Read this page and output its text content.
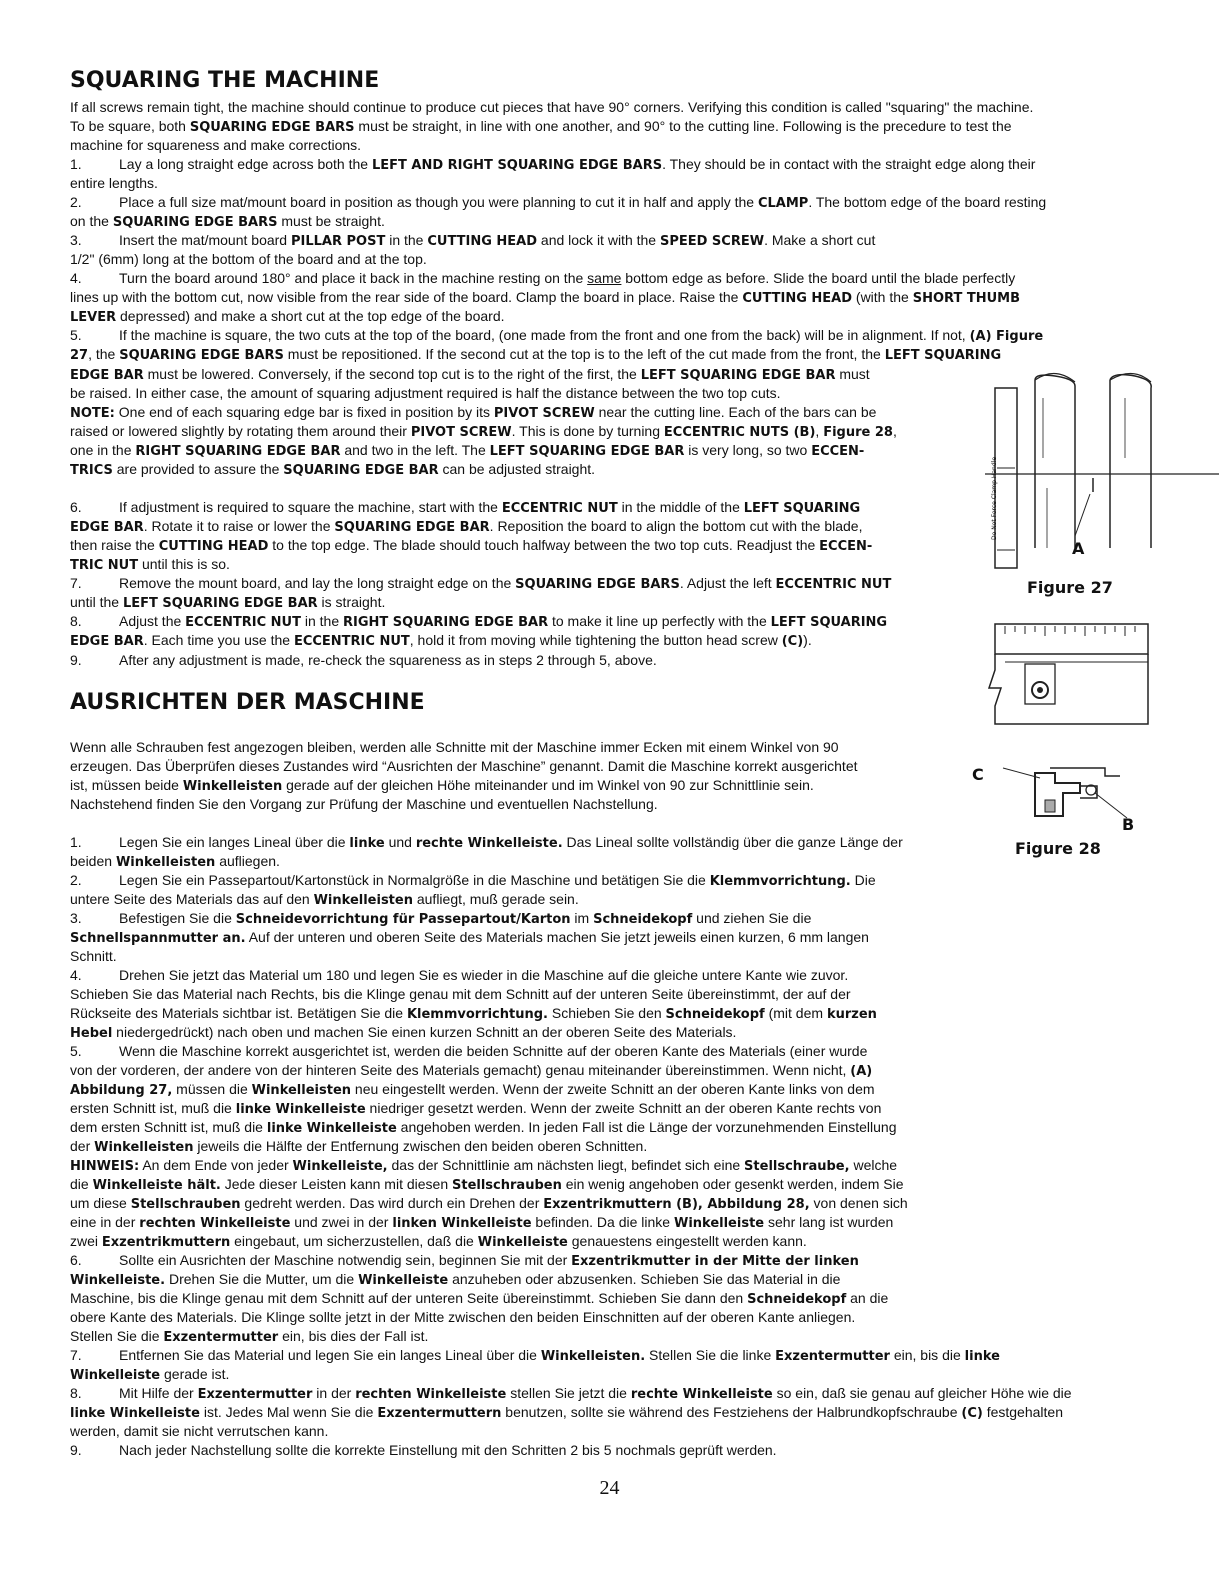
SQUARING THE MACHINE
If all screws remain tight, the machine should continue to produce cut pieces that have 90° corners. Verifying this condition is called "squaring" the machine.
To be square, both SQUARING EDGE BARS must be straight, in line with one another, and 90° to the cutting line. Following is the precedure to test the
machine for squareness and make corrections.
1.	Lay a long straight edge across both the LEFT AND RIGHT SQUARING EDGE BARS. They should be in contact with the straight edge along their
entire lengths.
2.	Place a full size mat/mount board in position as though you were planning to cut it in half and apply the CLAMP. The bottom edge of the board resting
on the SQUARING EDGE BARS must be straight.
3.	Insert the mat/mount board PILLAR POST in the CUTTING HEAD and lock it with the SPEED SCREW. Make a short cut
1/2" (6mm) long at the bottom of the board and at the top.
4.	Turn the board around 180° and place it back in the machine resting on the same bottom edge as before. Slide the board until the blade perfectly
lines up with the bottom cut, now visible from the rear side of the board. Clamp the board in place. Raise the CUTTING HEAD (with the SHORT THUMB
LEVER depressed) and make a short cut at the top edge of the board.
5.	If the machine is square, the two cuts at the top of the board, (one made from the front and one from the back) will be in alignment. If not, (A) Figure
27, the SQUARING EDGE BARS must be repositioned. If the second cut at the top is to the left of the cut made from the front, the LEFT SQUARING
EDGE BAR must be lowered. Conversely, if the second top cut is to the right of the first, the LEFT SQUARING EDGE BAR must
be raised. In either case, the amount of squaring adjustment required is half the distance between the two top cuts.
NOTE: One end of each squaring edge bar is fixed in position by its PIVOT SCREW near the cutting line. Each of the bars can be
raised or lowered slightly by rotating them around their PIVOT SCREW. This is done by turning ECCENTRIC NUTS (B), Figure 28,
one in the RIGHT SQUARING EDGE BAR and two in the left. The LEFT SQUARING EDGE BAR is very long, so two ECCEN-
TRICS are provided to assure the SQUARING EDGE BAR can be adjusted straight.
6.	If adjustment is required to square the machine, start with the ECCENTRIC NUT in the middle of the LEFT SQUARING
EDGE BAR. Rotate it to raise or lower the SQUARING EDGE BAR. Reposition the board to align the bottom cut with the blade,
then raise the CUTTING HEAD to the top edge. The blade should touch halfway between the two top cuts. Readjust the ECCEN-
TRIC NUT until this is so.
7.	Remove the mount board, and lay the long straight edge on the SQUARING EDGE BARS. Adjust the left ECCENTRIC NUT
until the LEFT SQUARING EDGE BAR is straight.
8.	Adjust the ECCENTRIC NUT in the RIGHT SQUARING EDGE BAR to make it line up perfectly with the LEFT SQUARING
EDGE BAR. Each time you use the ECCENTRIC NUT, hold it from moving while tightening the button head screw (C)).
9.	After any adjustment is made, re-check the squareness as in steps 2 through 5, above.
AUSRICHTEN DER MASCHINE
Wenn alle Schrauben fest angezogen bleiben, werden alle Schnitte mit der Maschine immer Ecken mit einem Winkel von 90
erzeugen. Das Überprüfen dieses Zustandes wird “Ausrichten der Maschine” genannt. Damit die Maschine korrekt ausgerichtet
ist, müssen beide Winkelleisten gerade auf der gleichen Höhe miteinander und im Winkel von 90 zur Schnittlinie sein.
Nachstehend finden Sie den Vorgang zur Prüfung der Maschine und eventuellen Nachstellung.
1.	Legen Sie ein langes Lineal über die linke und rechte Winkelleiste. Das Lineal sollte vollständig über die ganze Länge der
beiden Winkelleisten aufliegen.
2.	Legen Sie ein Passepartout/Kartonstück in Normalgröße in die Maschine und betätigen Sie die Klemmvorrichtung. Die
untere Seite des Materials das auf den Winkelleisten aufliegt, muß gerade sein.
3.	Befestigen Sie die Schneidevorrichtung für Passepartout/Karton im Schneidekopf und ziehen Sie die
Schnellspannmutter an. Auf der unteren und oberen Seite des Materials machen Sie jetzt jeweils einen kurzen, 6 mm langen
Schnitt.
4.	Drehen Sie jetzt das Material um 180 und legen Sie es wieder in die Maschine auf die gleiche untere Kante wie zuvor.
Schieben Sie das Material nach Rechts, bis die Klinge genau mit dem Schnitt auf der unteren Seite übereinstimmt, der auf der
Rückseite des Materials sichtbar ist. Betätigen Sie die Klemmvorrichtung. Schieben Sie den Schneidekopf (mit dem kurzen
Hebel niedergedrückt) nach oben und machen Sie einen kurzen Schnitt an der oberen Seite des Materials.
5.	Wenn die Maschine korrekt ausgerichtet ist, werden die beiden Schnitte auf der oberen Kante des Materials (einer wurde
von der vorderen, der andere von der hinteren Seite des Materials gemacht) genau miteinander übereinstimmen. Wenn nicht, (A)
Abbildung 27, müssen die Winkelleisten neu eingestellt werden. Wenn der zweite Schnitt an der oberen Kante links von dem
ersten Schnitt ist, muß die linke Winkelleiste niedriger gesetzt werden. Wenn der zweite Schnitt an der oberen Kante rechts von
dem ersten Schnitt ist, muß die linke Winkelleiste angehoben werden. In jeden Fall ist die Länge der vorzunehmenden Einstellung
der Winkelleisten jeweils die Hälfte der Entfernung zwischen den beiden oberen Schnitten.
HINWEIS: An dem Ende von jeder Winkelleiste, das der Schnittlinie am nächsten liegt, befindet sich eine Stellschraube, welche
die Winkelleiste hält. Jede dieser Leisten kann mit diesen Stellschrauben ein wenig angehoben oder gesenkt werden, indem Sie
um diese Stellschrauben gedreht werden. Das wird durch ein Drehen der Exzentrikmuttern (B), Abbildung 28, von denen sich
eine in der rechten Winkelleiste und zwei in der linken Winkelleiste befinden. Da die linke Winkelleiste sehr lang ist wurden
zwei Exzentrikmuttern eingebaut, um sicherzustellen, daß die Winkelleiste genauestens eingestellt werden kann.
6.	Sollte ein Ausrichten der Maschine notwendig sein, beginnen Sie mit der Exzentrikmutter in der Mitte der linken
Winkelleiste. Drehen Sie die Mutter, um die Winkelleiste anzuheben oder abzusenken. Schieben Sie das Material in die
Maschine, bis die Klinge genau mit dem Schnitt auf der unteren Seite übereinstimmt. Schieben Sie dann den Schneidekopf an die
obere Kante des Materials. Die Klinge sollte jetzt in der Mitte zwischen den beiden Einschnitten auf der oberen Kante anliegen.
Stellen Sie die Exzentermutter ein, bis dies der Fall ist.
7.	Entfernen Sie das Material und legen Sie ein langes Lineal über die Winkelleisten. Stellen Sie die linke Exzentermutter ein, bis die linke
Winkelleiste gerade ist.
8.	Mit Hilfe der Exzentermutter in der rechten Winkelleiste stellen Sie jetzt die rechte Winkelleiste so ein, daß sie genau auf gleicher Höhe wie die
linke Winkelleiste ist. Jedes Mal wenn Sie die Exzentermuttern benutzen, sollte sie während des Festziehens der Halbrundkopfschraube (C) festgehalten
werden, damit sie nicht verrutschen kann.
9.	Nach jeder Nachstellung sollte die korrekte Einstellung mit den Schritten 2 bis 5 nochmals geprüft werden.
Do Not Force Clamp Handle
A
Figure 27
C
B
Figure 28
24
